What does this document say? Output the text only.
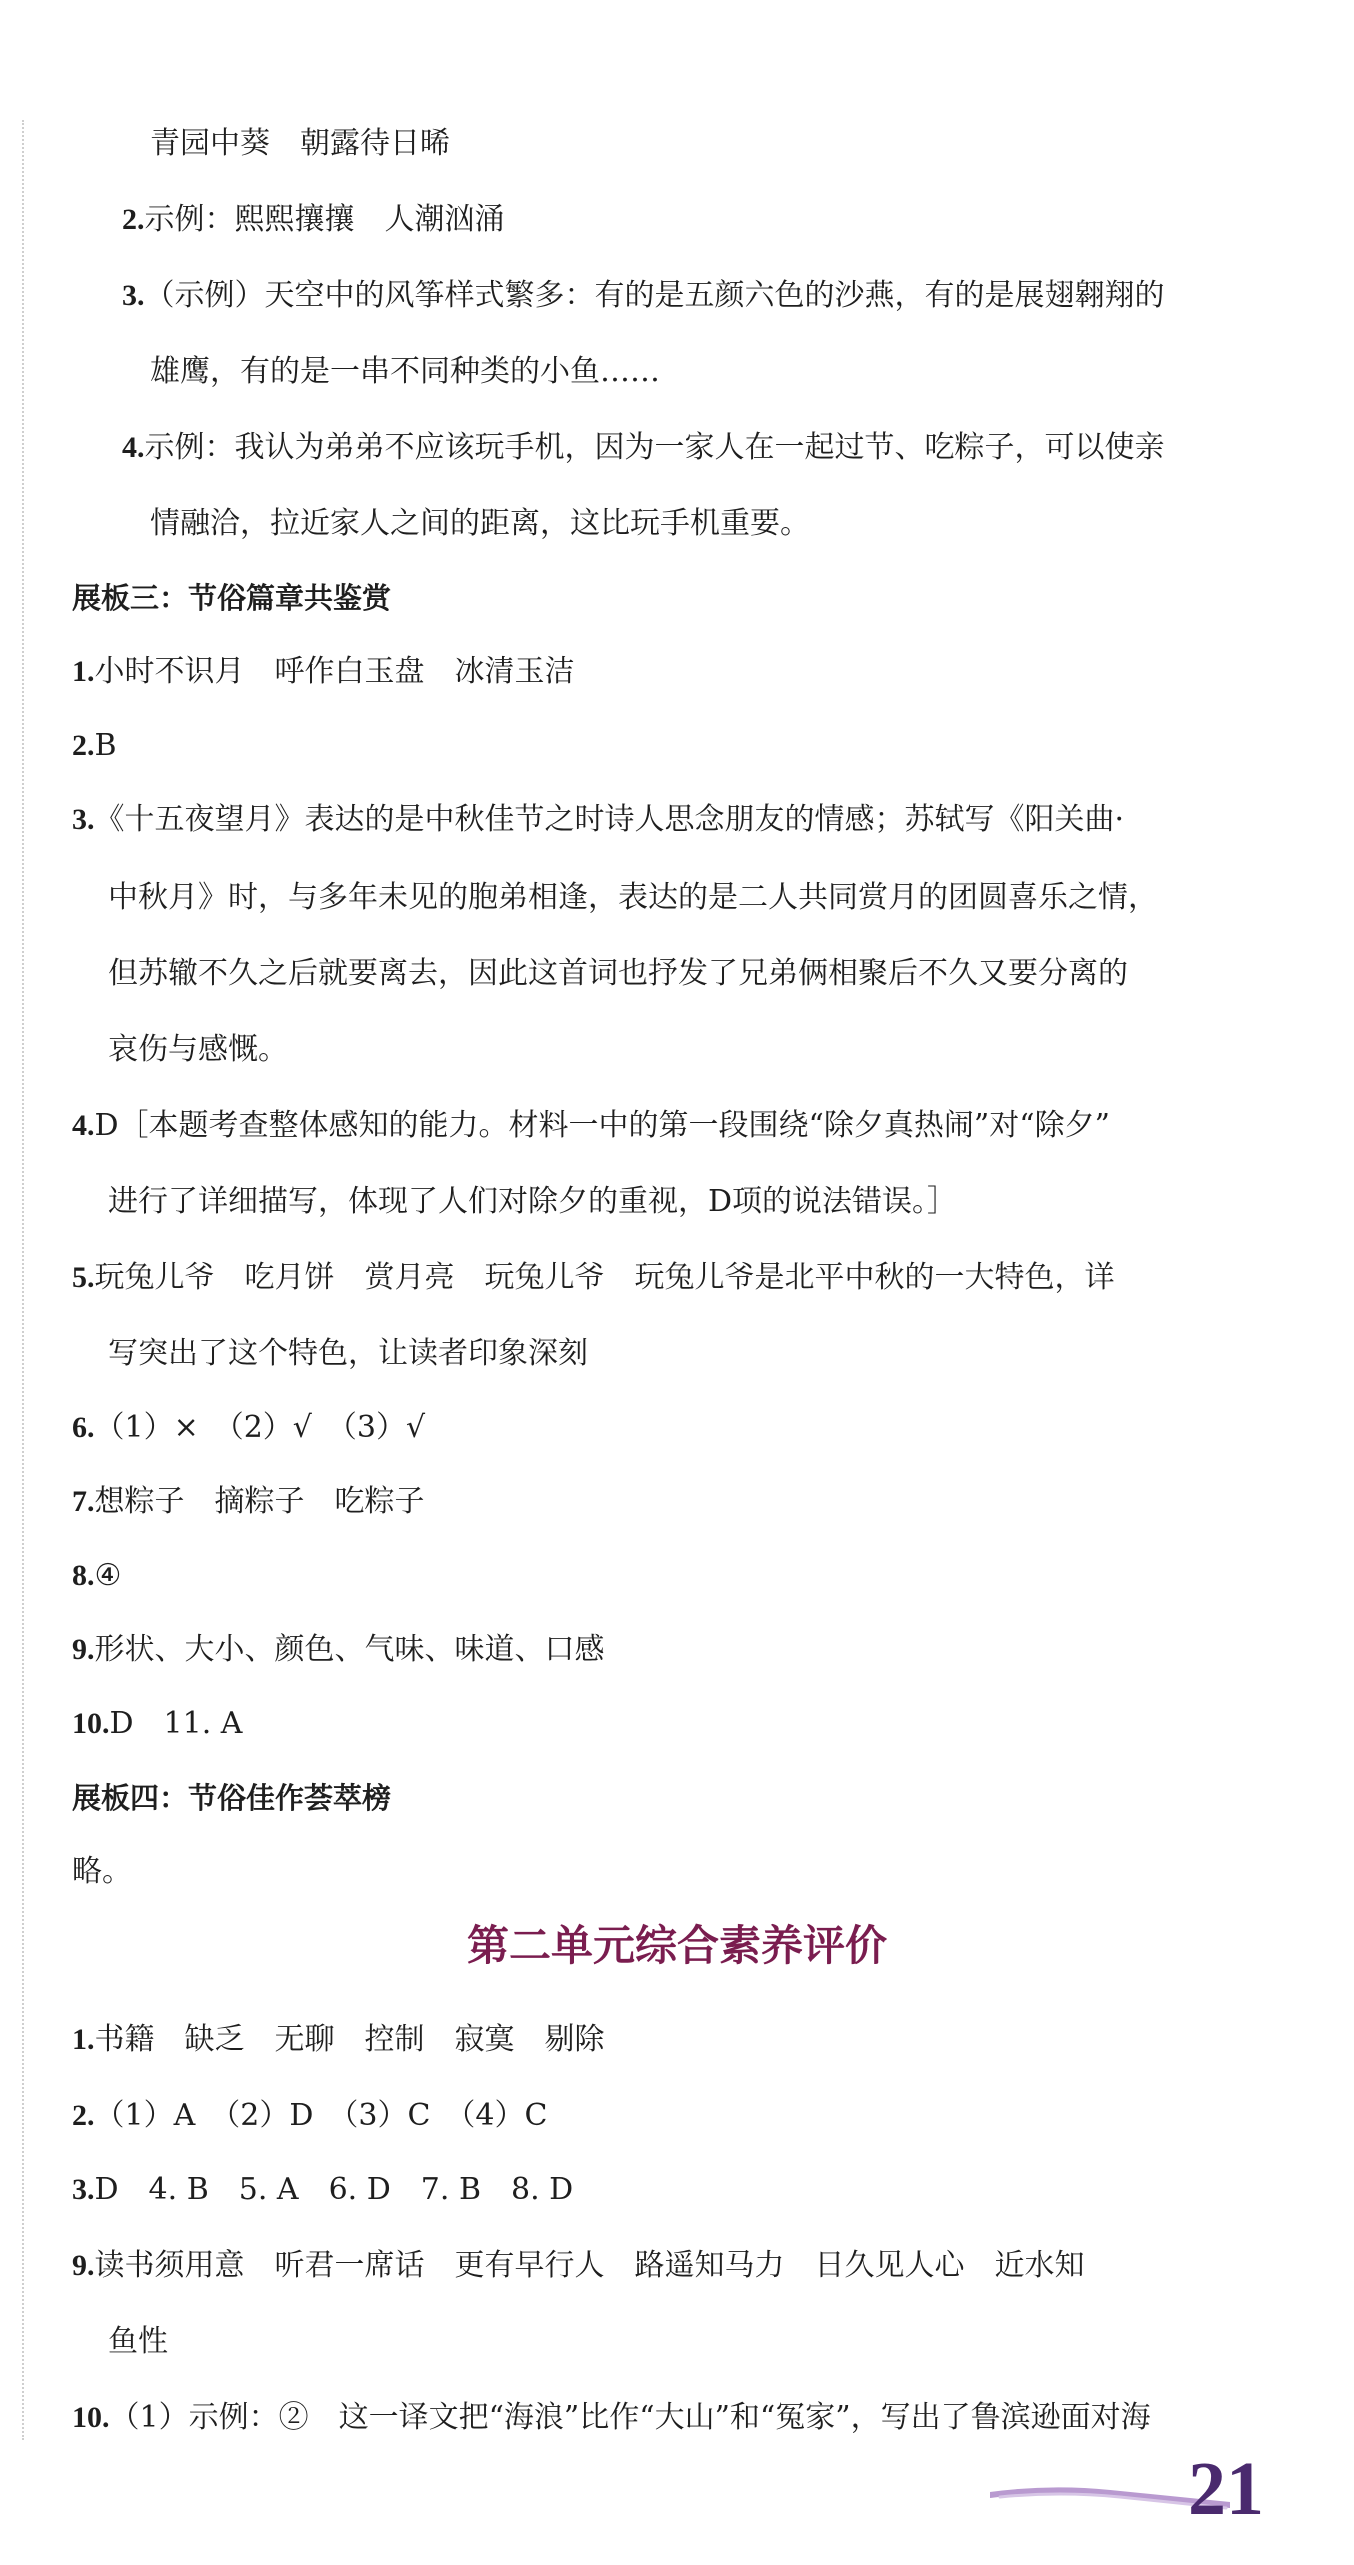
青园中葵　朝露待日晞
2.示例：熙熙攘攘　人潮汹涌
3.（示例）天空中的风筝样式繁多：有的是五颜六色的沙燕，有的是展翅翱翔的
雄鹰，有的是一串不同种类的小鱼……
4.示例：我认为弟弟不应该玩手机，因为一家人在一起过节、吃粽子，可以使亲
情融洽，拉近家人之间的距离，这比玩手机重要。
展板三：节俗篇章共鉴赏
1.小时不识月　呼作白玉盘　冰清玉洁
2.B
3.《十五夜望月》表达的是中秋佳节之时诗人思念朋友的情感；苏轼写《阳关曲·
中秋月》时，与多年未见的胞弟相逢，表达的是二人共同赏月的团圆喜乐之情，
但苏辙不久之后就要离去，因此这首词也抒发了兄弟俩相聚后不久又要分离的
哀伤与感慨。
4.D［本题考查整体感知的能力。材料一中的第一段围绕“除夕真热闹”对“除夕”
进行了详细描写，体现了人们对除夕的重视，D项的说法错误。］
5.玩兔儿爷　吃月饼　赏月亮　玩兔儿爷　玩兔儿爷是北平中秋的一大特色，详
写突出了这个特色，让读者印象深刻
6.（1）×　（2）√　（3）√
7.想粽子　摘粽子　吃粽子
8.④
9.形状、大小、颜色、气味、味道、口感
10.D　11. A
展板四：节俗佳作荟萃榜
略。
第二单元综合素养评价
1.书籍　缺乏　无聊　控制　寂寞　剔除
2.（1）A　（2）D　（3）C　（4）C
3.D　4. B　5. A　6. D　7. B　8. D
9.读书须用意　听君一席话　更有早行人　路遥知马力　日久见人心　近水知
鱼性
10.（1）示例：②　这一译文把“海浪”比作“大山”和“冤家”，写出了鲁滨逊面对海
21
